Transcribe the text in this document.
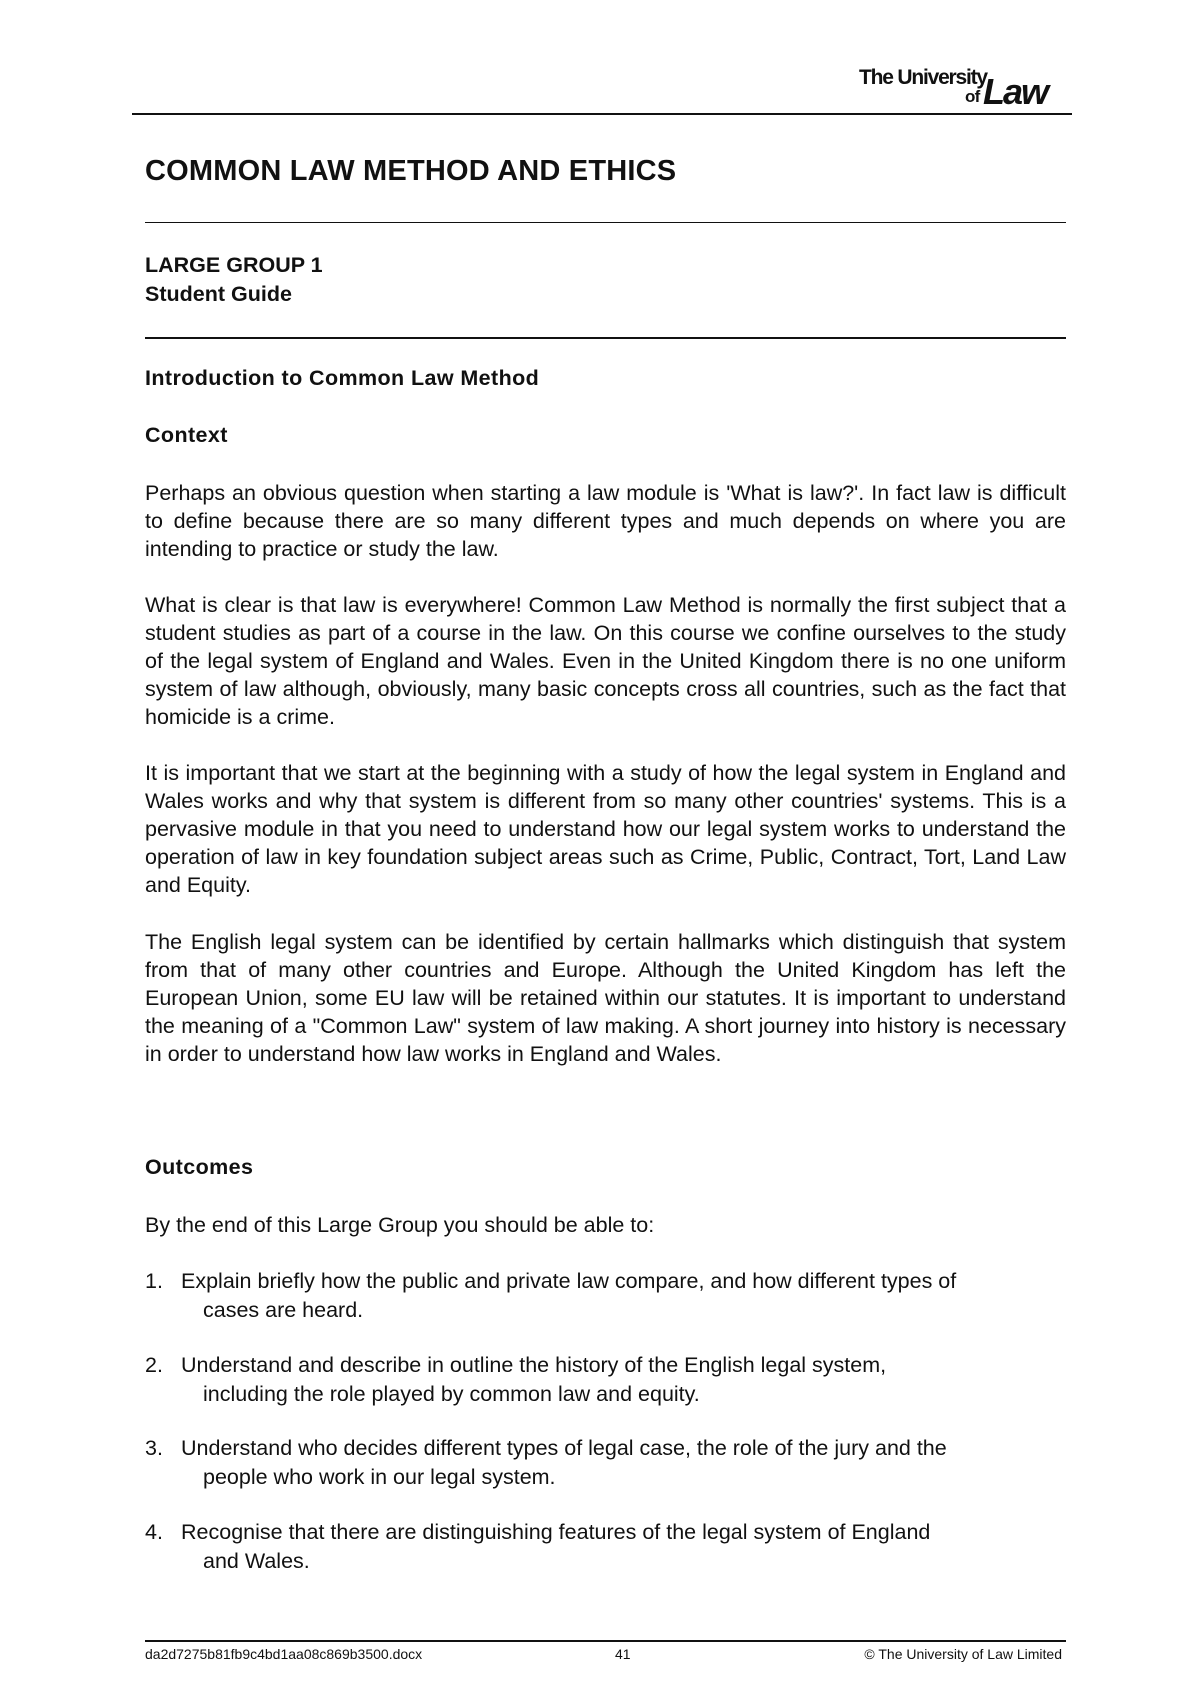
The University
of Law
COMMON LAW METHOD AND ETHICS
LARGE GROUP 1
Student Guide
Introduction to Common Law Method
Context

Perhaps an obvious question when starting a law module is 'What is law?'. In fact law is difficult to define because there are so many different types and much depends on where you are intending to practice or study the law.

What is clear is that law is everywhere! Common Law Method is normally the first subject that a student studies as part of a course in the law. On this course we confine ourselves to the study of the legal system of England and Wales. Even in the United Kingdom there is no one uniform system of law although, obviously, many basic concepts cross all countries, such as the fact that homicide is a crime.

It is important that we start at the beginning with a study of how the legal system in England and Wales works and why that system is different from so many other countries' systems. This is a pervasive module in that you need to understand how our legal system works to understand the operation of law in key foundation subject areas such as Crime, Public, Contract, Tort, Land Law and Equity.

The English legal system can be identified by certain hallmarks which distinguish that system from that of many other countries and Europe. Although the United Kingdom has left the European Union, some EU law will be retained within our statutes. It is important to understand the meaning of a "Common Law" system of law making. A short journey into history is necessary in order to understand how law works in England and Wales.

Outcomes

By the end of this Large Group you should be able to:

1. Explain briefly how the public and private law compare, and how different types of
cases are heard.
2. Understand and describe in outline the history of the English legal system,
including the role played by common law and equity.
3. Understand who decides different types of legal case, the role of the jury and the
people who work in our legal system.
4. Recognise that there are distinguishing features of the legal system of England
and Wales.
da2d7275b81fb9c4bd1aa08c869b3500.docx	41	© The University of Law Limited
